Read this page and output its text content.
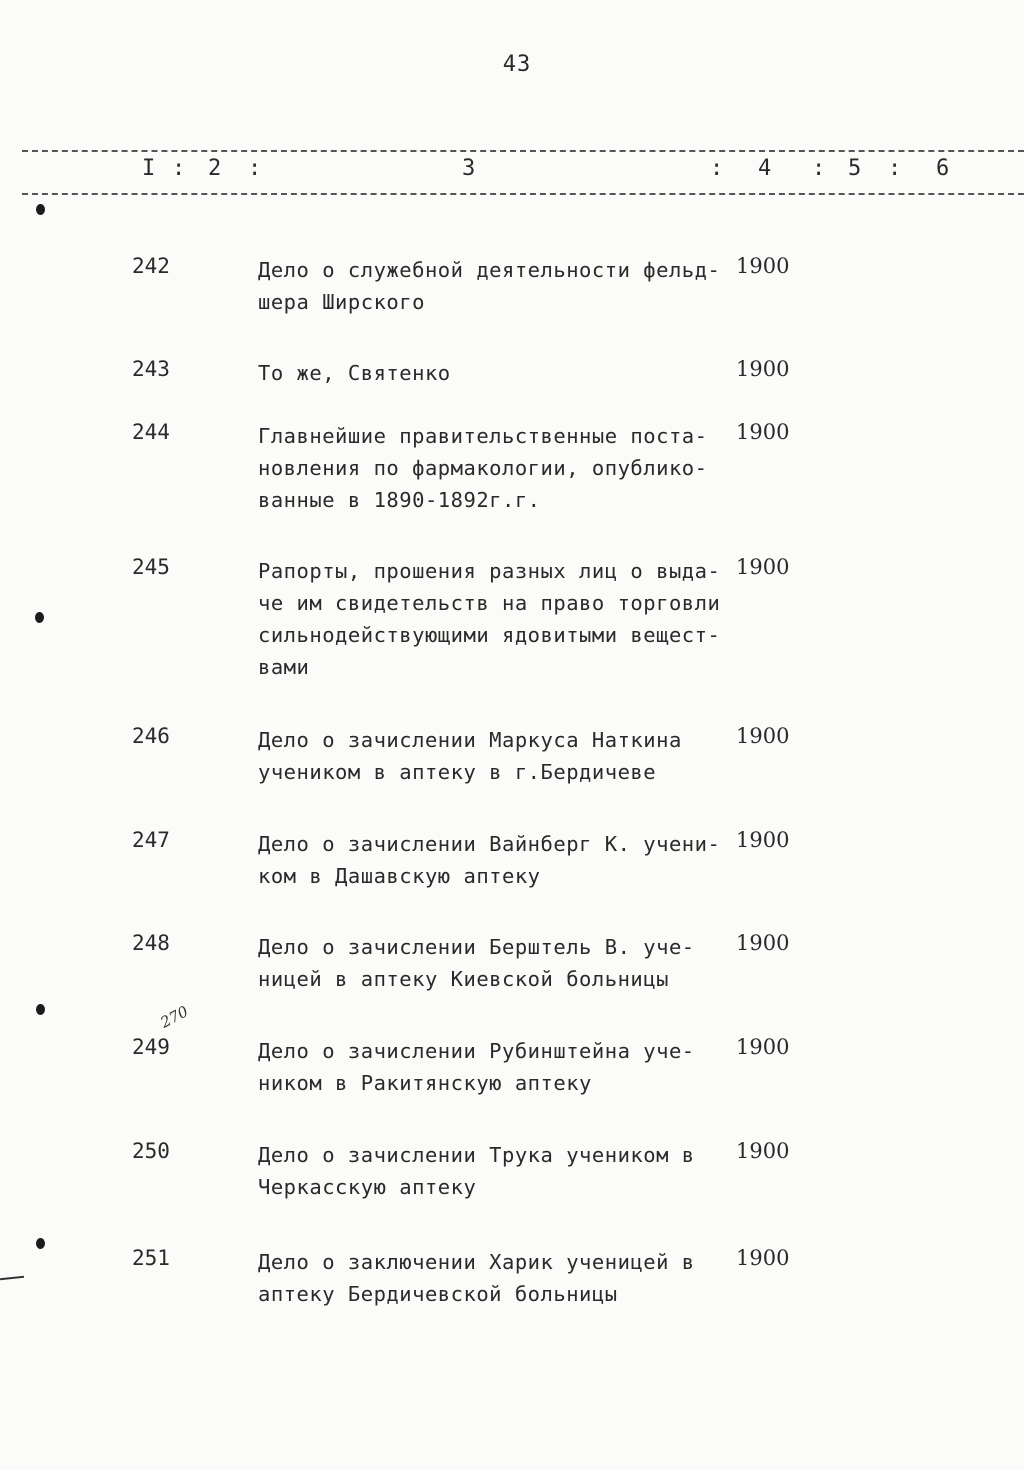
43
I : 2 :	3	: 4 : 5 : 6
242	Дело о служебной деятельности фельд-
шера Ширского
1900
243	То же, Святенко	1900
244	Главнейшие правительственные поста-
новления по фармакологии, опублико-
ванные в 1890-1892г.г.
1900
245	Рапорты, прошения разных лиц о выда-
че им свидетельств на право торговли
сильнодействующими ядовитыми вещест-
вами
1900
246	Дело о зачислении Маркуса Наткина
учеником в аптеку в г.Бердичеве
1900
247	Дело о зачислении Вайнберг К. учени-
ком в Дашавскую аптеку
1900
248	Дело о зачислении Берштель В. уче-
ницей в аптеку Киевской больницы
1900
249	Дело о зачислении Рубинштейна уче-
ником в Ракитянскую аптеку
1900
250	Дело о зачислении Трука учеником в
Черкасскую аптеку
1900
251	Дело о заключении Харик ученицей в
аптеку Бердичевской больницы
1900
270
